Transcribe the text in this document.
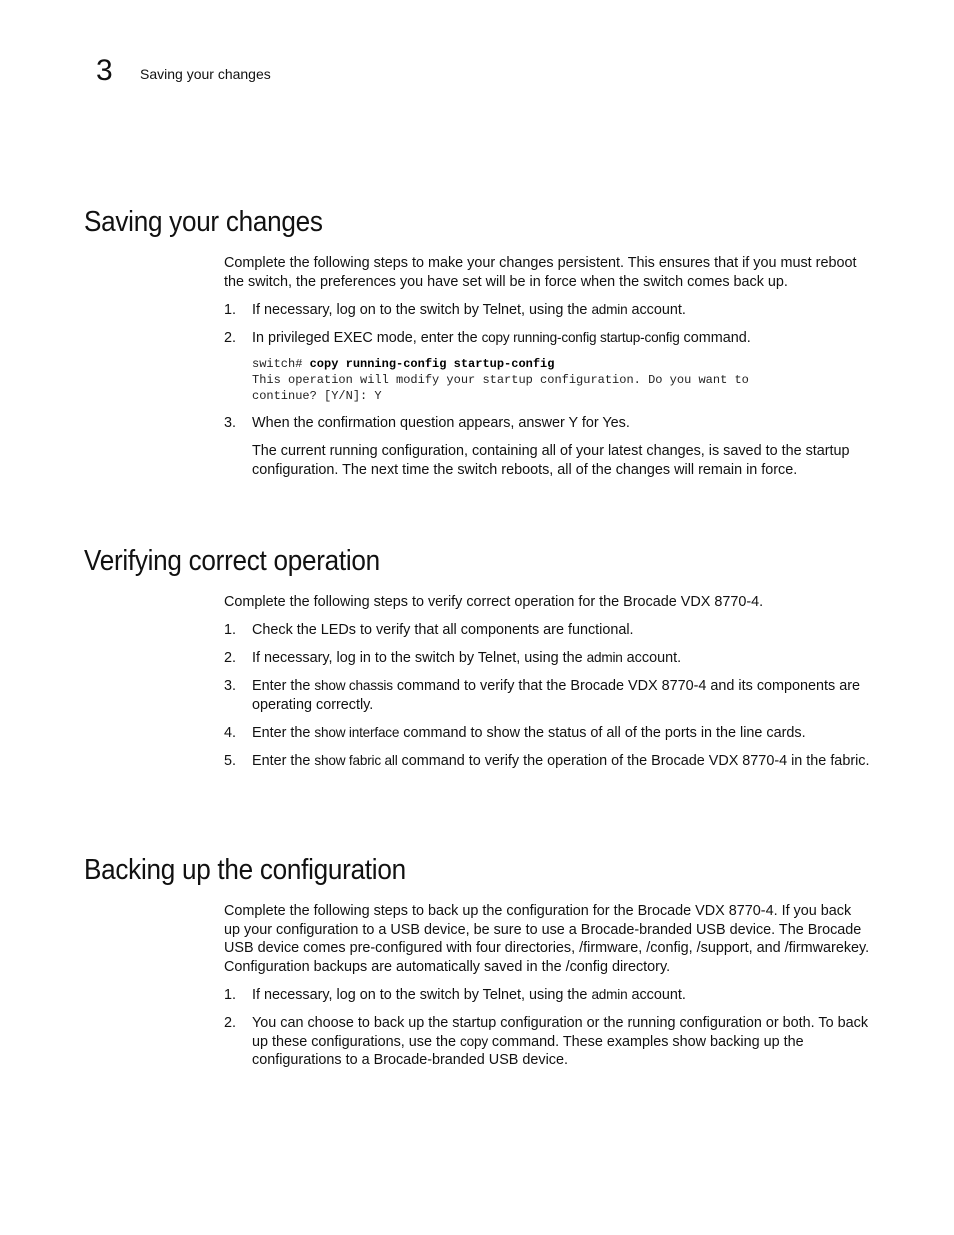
3 Saving your changes
Saving your changes

Complete the following steps to make your changes persistent. This ensures that if you must reboot the switch, the preferences you have set will be in force when the switch comes back up.

1. If necessary, log on to the switch by Telnet, using the admin account.
2. In privileged EXEC mode, enter the copy running-config startup-config command.
switch# copy running-config startup-config
This operation will modify your startup configuration. Do you want to
continue? [Y/N]: Y
3. When the confirmation question appears, answer Y for Yes.

The current running configuration, containing all of your latest changes, is saved to the startup configuration. The next time the switch reboots, all of the changes will remain in force.

Verifying correct operation

Complete the following steps to verify correct operation for the Brocade VDX 8770-4.

1. Check the LEDs to verify that all components are functional.
2. If necessary, log in to the switch by Telnet, using the admin account.
3. Enter the show chassis command to verify that the Brocade VDX 8770-4 and its components are operating correctly.
4. Enter the show interface command to show the status of all of the ports in the line cards.
5. Enter the show fabric all command to verify the operation of the Brocade VDX 8770-4 in the fabric.
Backing up the configuration

Complete the following steps to back up the configuration for the Brocade VDX 8770-4. If you back up your configuration to a USB device, be sure to use a Brocade-branded USB device. The Brocade USB device comes pre-configured with four directories, /firmware, /config, /support, and /firmwarekey. Configuration backups are automatically saved in the /config directory.

1. If necessary, log on to the switch by Telnet, using the admin account.
2. You can choose to back up the startup configuration or the running configuration or both. To back up these configurations, use the copy command. These examples show backing up the configurations to a Brocade-branded USB device.
